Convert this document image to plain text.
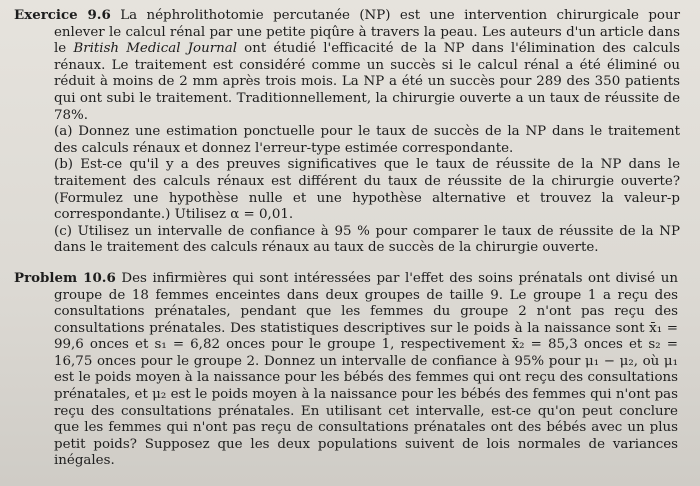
Exercice 9.6 La néphrolithotomie percutanée (NP) est une intervention chirurgicale pour enlever le calcul rénal par une petite piqûre à travers la peau. Les auteurs d'un article dans le British Medical Journal ont étudié l'efficacité de la NP dans l'élimination des calculs rénaux. Le traitement est considéré comme un succès si le calcul rénal a été éliminé ou réduit à moins de 2 mm après trois mois. La NP a été un succès pour 289 des 350 patients qui ont subi le traitement. Traditionnellement, la chirurgie ouverte a un taux de réussite de 78%.
(a) Donnez une estimation ponctuelle pour le taux de succès de la NP dans le traitement des calculs rénaux et donnez l'erreur-type estimée correspondante.
(b) Est-ce qu'il y a des preuves significatives que le taux de réussite de la NP dans le traitement des calculs rénaux est différent du taux de réussite de la chirurgie ouverte? (Formulez une hypothèse nulle et une hypothèse alternative et trouvez la valeur-p correspondante.) Utilisez α = 0,01.
(c) Utilisez un intervalle de confiance à 95 % pour comparer le taux de réussite de la NP dans le traitement des calculs rénaux au taux de succès de la chirurgie ouverte.

Problem 10.6 Des infirmières qui sont intéressées par l'effet des soins prénatals ont divisé un groupe de 18 femmes enceintes dans deux groupes de taille 9. Le groupe 1 a reçu des consultations prénatales, pendant que les femmes du groupe 2 n'ont pas reçu des consultations prénatales. Des statistiques descriptives sur le poids à la naissance sont x̄₁ = 99,6 onces et s₁ = 6,82 onces pour le groupe 1, respectivement x̄₂ = 85,3 onces et s₂ = 16,75 onces pour le groupe 2. Donnez un intervalle de confiance à 95% pour μ₁ − μ₂, où μ₁ est le poids moyen à la naissance pour les bébés des femmes qui ont reçu des consultations prénatales, et μ₂ est le poids moyen à la naissance pour les bébés des femmes qui n'ont pas reçu des consultations prénatales. En utilisant cet intervalle, est-ce qu'on peut conclure que les femmes qui n'ont pas reçu de consultations prénatales ont des bébés avec un plus petit poids? Supposez que les deux populations suivent de lois normales de variances inégales.
